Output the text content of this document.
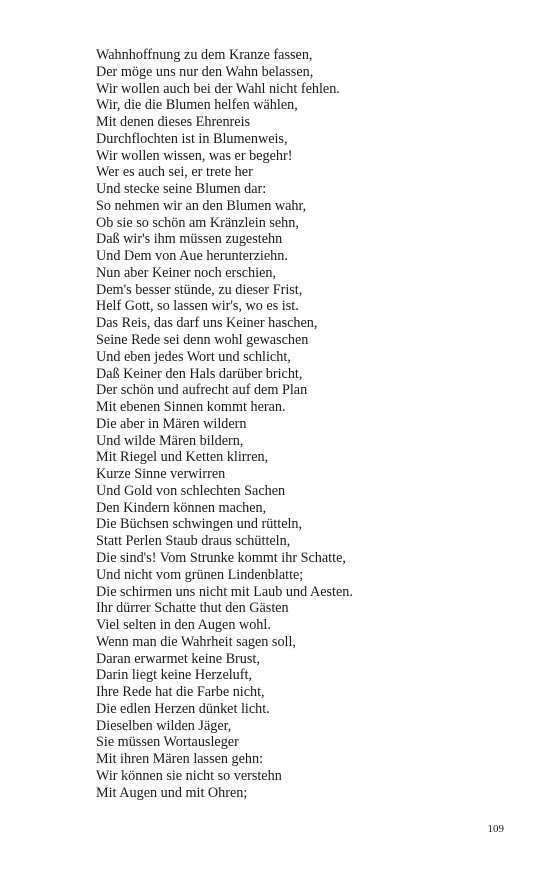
Wahnhoffnung zu dem Kranze fassen,
Der möge uns nur den Wahn belassen,
Wir wollen auch bei der Wahl nicht fehlen.
Wir, die die Blumen helfen wählen,
Mit denen dieses Ehrenreis
Durchflochten ist in Blumenweis,
Wir wollen wissen, was er begehr!
Wer es auch sei, er trete her
Und stecke seine Blumen dar:
So nehmen wir an den Blumen wahr,
Ob sie so schön am Kränzlein sehn,
Daß wir's ihm müssen zugestehn
Und Dem von Aue herunterziehn.
Nun aber Keiner noch erschien,
Dem's besser stünde, zu dieser Frist,
Helf Gott, so lassen wir's, wo es ist.
Das Reis, das darf uns Keiner haschen,
Seine Rede sei denn wohl gewaschen
Und eben jedes Wort und schlicht,
Daß Keiner den Hals darüber bricht,
Der schön und aufrecht auf dem Plan
Mit ebenen Sinnen kommt heran.
Die aber in Mären wildern
Und wilde Mären bildern,
Mit Riegel und Ketten klirren,
Kurze Sinne verwirren
Und Gold von schlechten Sachen
Den Kindern können machen,
Die Büchsen schwingen und rütteln,
Statt Perlen Staub draus schütteln,
Die sind's! Vom Strunke kommt ihr Schatte,
Und nicht vom grünen Lindenblatte;
Die schirmen uns nicht mit Laub und Aesten.
Ihr dürrer Schatte thut den Gästen
Viel selten in den Augen wohl.
Wenn man die Wahrheit sagen soll,
Daran erwarmet keine Brust,
Darin liegt keine Herzeluft,
Ihre Rede hat die Farbe nicht,
Die edlen Herzen dünket licht.
Dieselben wilden Jäger,
Sie müssen Wortausleger
Mit ihren Mären lassen gehn:
Wir können sie nicht so verstehn
Mit Augen und mit Ohren;
109
